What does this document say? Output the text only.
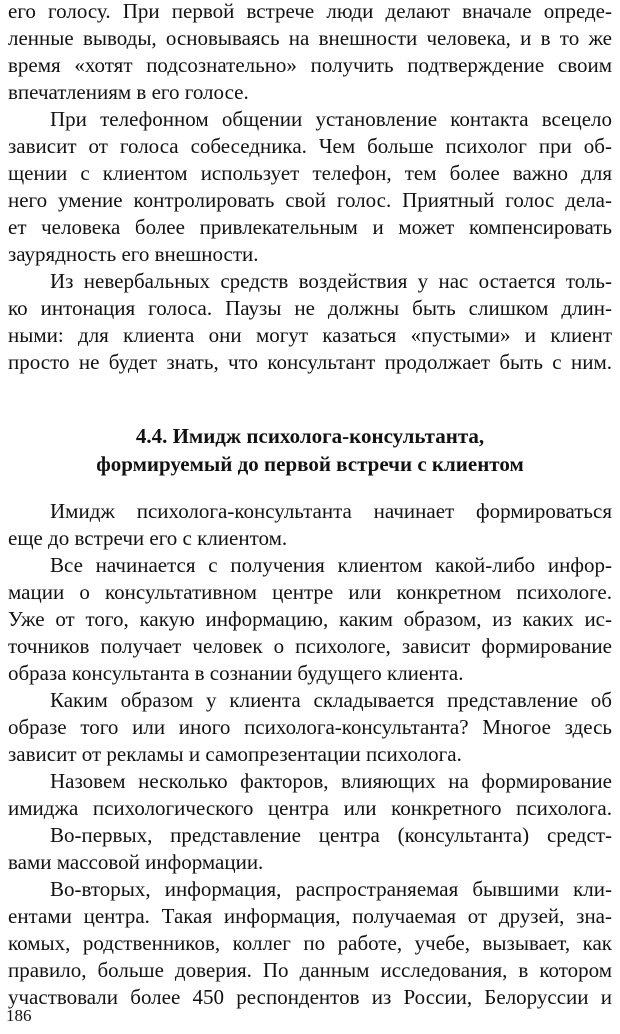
его голосу. При первой встрече люди делают вначале опреде-
ленные выводы, основываясь на внешности человека, и в то же
время «хотят подсознательно» получить подтверждение своим
впечатлениям в его голосе.
При телефонном общении установление контакта всецело
зависит от голоса собеседника. Чем больше психолог при об-
щении с клиентом использует телефон, тем более важно для
него умение контролировать свой голос. Приятный голос дела-
ет человека более привлекательным и может компенсировать
заурядность его внешности.
Из невербальных средств воздействия у нас остается толь-
ко интонация голоса. Паузы не должны быть слишком длин-
ными: для клиента они могут казаться «пустыми» и клиент
просто не будет знать, что консультант продолжает быть с ним.
4.4. Имидж психолога-консультанта,
формируемый до первой встречи с клиентом
Имидж психолога-консультанта начинает формироваться
еще до встречи его с клиентом.
Все начинается с получения клиентом какой-либо инфор-
мации о консультативном центре или конкретном психологе.
Уже от того, какую информацию, каким образом, из каких ис-
точников получает человек о психологе, зависит формирование
образа консультанта в сознании будущего клиента.
Каким образом у клиента складывается представление об
образе того или иного психолога-консультанта? Многое здесь
зависит от рекламы и самопрезентации психолога.
Назовем несколько факторов, влияющих на формирование
имиджа психологического центра или конкретного психолога.
Во-первых, представление центра (консультанта) средст-
вами массовой информации.
Во-вторых, информация, распространяемая бывшими кли-
ентами центра. Такая информация, получаемая от друзей, зна-
комых, родственников, коллег по работе, учебе, вызывает, как
правило, больше доверия. По данным исследования, в котором
участвовали более 450 респондентов из России, Белоруссии и
186
